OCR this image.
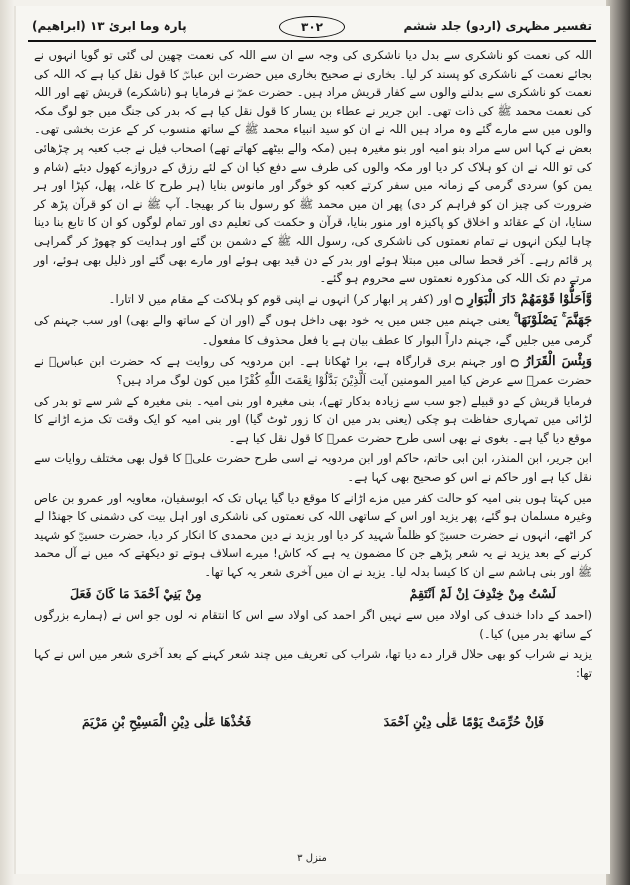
تفسیر مظہری (اردو) جلد ششم
۳۰۲
پارہ وما ابرئ ۱۳ (ابراھیم)

اللہ کی نعمت کو ناشکری سے بدل دیا ناشکری کی وجہ سے ان سے اللہ کی نعمت چھین لی گئی تو گویا انہوں نے بجائے نعمت کے ناشکری کو پسند کر لیا۔ بخاری نے صحیح بخاری میں حضرت ابن عباسؓ کا قول نقل کیا ہے کہ اللہ کی نعمت کو ناشکری سے بدلنے والوں سے کفار قریش مراد ہیں۔ حضرت عمرؓ نے فرمایا ہو (ناشکرے) قریش تھے اور اللہ کی نعمت محمد ﷺ کی ذات تھی۔ ابن جریر نے عطاء بن یسار کا قول نقل کیا ہے کہ بدر کی جنگ میں جو لوگ مکہ والوں میں سے مارے گئے وہ مراد ہیں اللہ نے ان کو سید انبیاء محمد ﷺ کے ساتھ منسوب کر کے عزت بخشی تھی۔ بعض نے کہا اس سے مراد بنو امیہ اور بنو مغیرہ ہیں (مکہ والے بیٹھے کھاتے تھے) اصحاب فیل نے جب کعبہ پر چڑھائی کی تو اللہ نے ان کو ہلاک کر دیا اور مکہ والوں کی طرف سے دفع کیا ان کے لئے رزق کے دروازے کھول دیئے (شام و یمن کو) سردی گرمی کے زمانہ میں سفر کرتے کعبہ کو خوگر اور مانوس بنایا (ہر طرح کا غلہ، پھل، کپڑا اور ہر ضرورت کی چیز ان کو فراہم کر دی) پھر ان میں محمد ﷺ کو رسول بنا کر بھیجا۔ آپ ﷺ نے ان کو قرآن پڑھ کر سنایا، ان کے عقائد و اخلاق کو پاکیزہ اور منور بنایا، قرآن و حکمت کی تعلیم دی اور تمام لوگوں کو ان کا تابع بنا دینا چاہا لیکن انہوں نے تمام نعمتوں کی ناشکری کی، رسول اللہ ﷺ کے دشمن بن گئے اور ہدایت کو چھوڑ کر گمراہی پر قائم رہے۔ آخر قحط سالی میں مبتلا ہوئے اور بدر کے دن قید بھی ہوئے اور مارے بھی گئے اور ذلیل بھی ہوئے، اور مرتے دم تک اللہ کی مذکورہ نعمتوں سے محروم ہو گئے۔

وَّاَحَلُّوْا قَوْمَهُمْ دَارَ الْبَوَارِ ۝ اور (کفر پر ابھار کر) انہوں نے اپنی قوم کو ہلاکت کے مقام میں لا اتارا۔

جَهَنَّمَ ۚ يَصْلَوْنَهَا ۚ یعنی جہنم میں جس میں یہ خود بھی داخل ہوں گے (اور ان کے ساتھ والے بھی) اور سب جہنم کی گرمی میں جلیں گے، جہنم داراً البوار کا عطف بیان ہے یا فعل محذوف کا مفعول۔

وَبِئْسَ الْقَرَارُ ۝ اور جہنم بری قرارگاہ ہے، برا ٹھکانا ہے۔ ابن مردویہ کی روایت ہے کہ حضرت ابن عباسؓ نے حضرت عمرؓ سے عرض کیا امیر المومنین آیت اَلَّذِيْنَ بَدَّلُوْا نِعْمَتَ اللّٰهِ كُفْرًا میں کون لوگ مراد ہیں؟

فرمایا قریش کے دو قبیلے (جو سب سے زیادہ بدکار تھے)، بنی مغیرہ اور بنی امیہ۔ بنی مغیرہ کے شر سے تو بدر کی لڑائی میں تمہاری حفاظت ہو چکی (یعنی بدر میں ان کا زور ٹوٹ گیا) اور بنی امیہ کو ایک وقت تک مزے اڑانے کا موقع دیا گیا ہے۔ بغوی نے بھی اسی طرح حضرت عمرؓ کا قول نقل کیا ہے۔

ابن جریر، ابن المنذر، ابن ابی حاتم، حاکم اور ابن مردویہ نے اسی طرح حضرت علیؓ کا قول بھی مختلف روایات سے نقل کیا ہے اور حاکم نے اس کو صحیح بھی کہا ہے۔

میں کہتا ہوں بنی امیہ کو حالت کفر میں مزے اڑانے کا موقع دیا گیا یہاں تک کہ ابوسفیان، معاویہ اور عمرو بن عاص وغیرہ مسلمان ہو گئے، پھر یزید اور اس کے ساتھی اللہ کی نعمتوں کی ناشکری اور اہل بیت کی دشمنی کا جھنڈا لے کر اٹھے، انہوں نے حضرت حسینؓ کو ظلماً شہید کر دیا اور یزید نے دین محمدی کا انکار کر دیا، حضرت حسینؓ کو شہید کرنے کے بعد یزید نے یہ شعر پڑھے جن کا مضمون یہ ہے کہ کاش! میرے اسلاف ہوتے تو دیکھتے کہ میں نے آل محمد ﷺ اور بنی ہاشم سے ان کا کیسا بدلہ لیا۔ یزید نے ان میں آخری شعر یہ کہا تھا۔

لَسْتُ مِنْ خِنْدِفَ اِنْ لَمْ اَنْتَقِمْ
مِنْ بَنِيْ اَحْمَدَ مَا كَانَ فَعَلَ

(احمد کے دادا خندف کی اولاد میں سے نہیں اگر احمد کی اولاد سے اس کا انتقام نہ لوں جو اس نے (ہمارے بزرگوں کے ساتھ بدر میں) کیا۔)

یزید نے شراب کو بھی حلال قرار دے دیا تھا، شراب کی تعریف میں چند شعر کہنے کے بعد آخری شعر میں اس نے کہا تھا:

فَاِنْ حُرِّمَتْ يَوْمًا عَلٰى دِيْنِ اَحْمَدَ
فَخُذْهَا عَلٰى دِيْنِ الْمَسِيْحِ بْنِ مَرْيَمَ
منزل ۳
